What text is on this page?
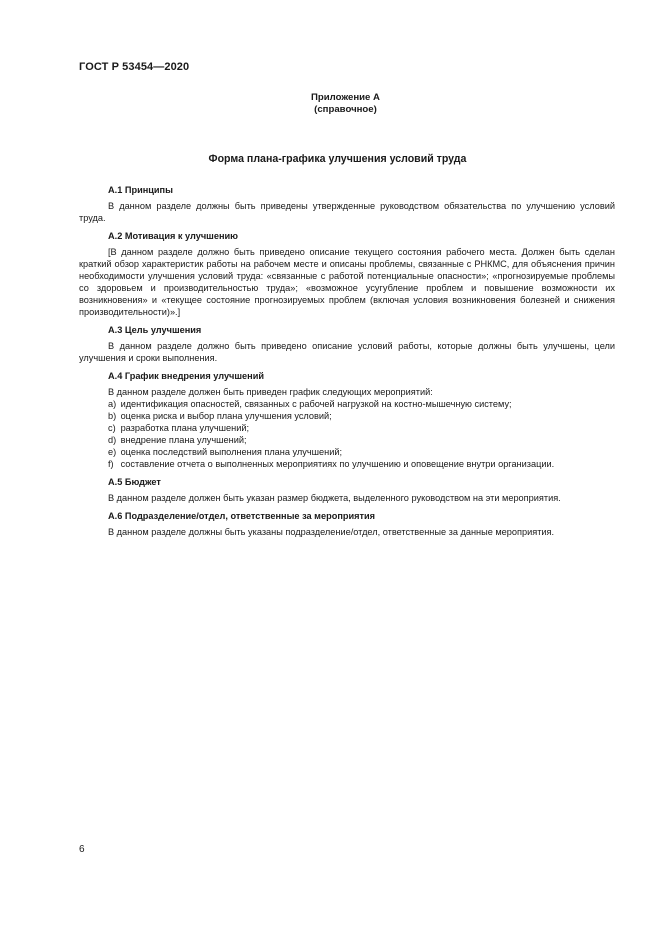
ГОСТ Р 53454—2020
Приложение А
(справочное)
Форма плана-графика улучшения условий труда

А.1 Принципы

В данном разделе должны быть приведены утвержденные руководством обязательства по улучшению условий труда.

А.2 Мотивация к улучшению

[В данном разделе должно быть приведено описание текущего состояния рабочего места. Должен быть сделан краткий обзор характеристик работы на рабочем месте и описаны проблемы, связанные с РНКМС, для объяснения причин необходимости улучшения условий труда: «связанные с работой потенциальные опасности»; «прогнозируемые проблемы со здоровьем и производительностью труда»; «возможное усугубление проблем и повышение возможности их возникновения» и «текущее состояние прогнозируемых проблем (включая условия возникновения болезней и снижения производительности)».]

А.3 Цель улучшения

В данном разделе должно быть приведено описание условий работы, которые должны быть улучшены, цели улучшения и сроки выполнения.

А.4 График внедрения улучшений

В данном разделе должен быть приведен график следующих мероприятий:

а) идентификация опасностей, связанных с рабочей нагрузкой на костно-мышечную систему;
b) оценка риска и выбор плана улучшения условий;
c) разработка плана улучшений;
d) внедрение плана улучшений;
e) оценка последствий выполнения плана улучшений;
f) составление отчета о выполненных мероприятиях по улучшению и оповещение внутри организации.

А.5 Бюджет

В данном разделе должен быть указан размер бюджета, выделенного руководством на эти мероприятия.

А.6 Подразделение/отдел, ответственные за мероприятия

В данном разделе должны быть указаны подразделение/отдел, ответственные за данные мероприятия.

6
